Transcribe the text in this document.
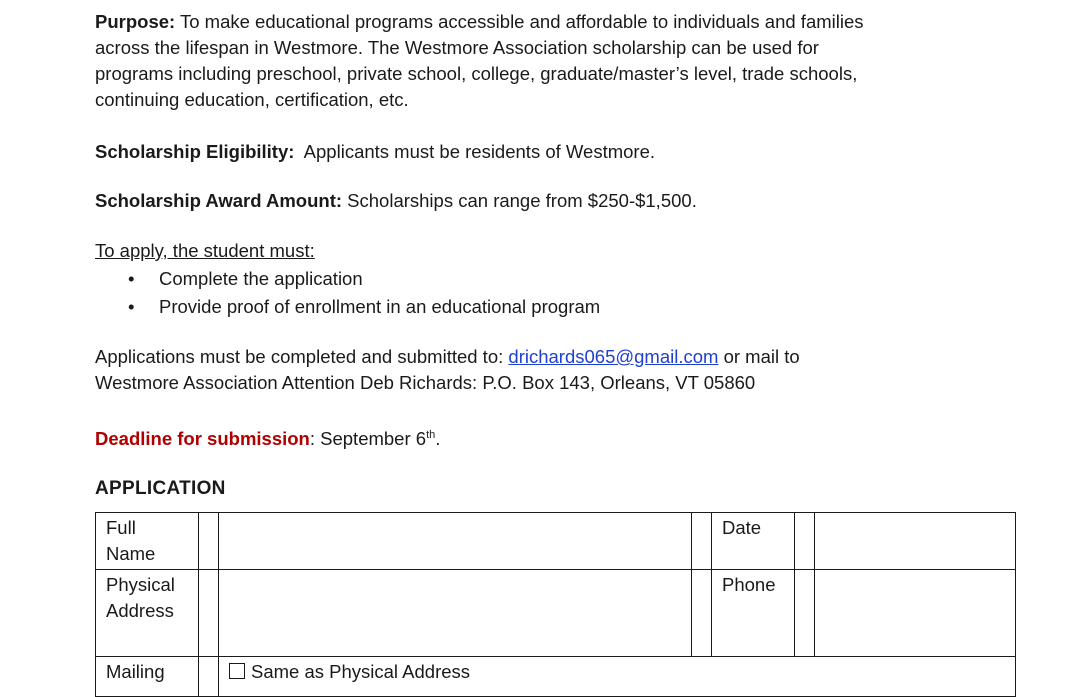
Purpose: To make educational programs accessible and affordable to individuals and families
across the lifespan in Westmore. The Westmore Association scholarship can be used for
programs including preschool, private school, college, graduate/master’s level, trade schools,
continuing education, certification, etc.

Scholarship Eligibility:  Applicants must be residents of Westmore.

Scholarship Award Amount: Scholarships can range from $250-$1,500.

To apply, the student must:

• Complete the application
• Provide proof of enrollment in an educational program

Applications must be completed and submitted to: drichards065@gmail.com or mail to
Westmore Association Attention Deb Richards: P.O. Box 143, Orleans, VT 05860

Deadline for submission: September 6th.

APPLICATION
Full
Name				Date		
Physical
Address				Phone		
Mailing		Same as Physical Address				
